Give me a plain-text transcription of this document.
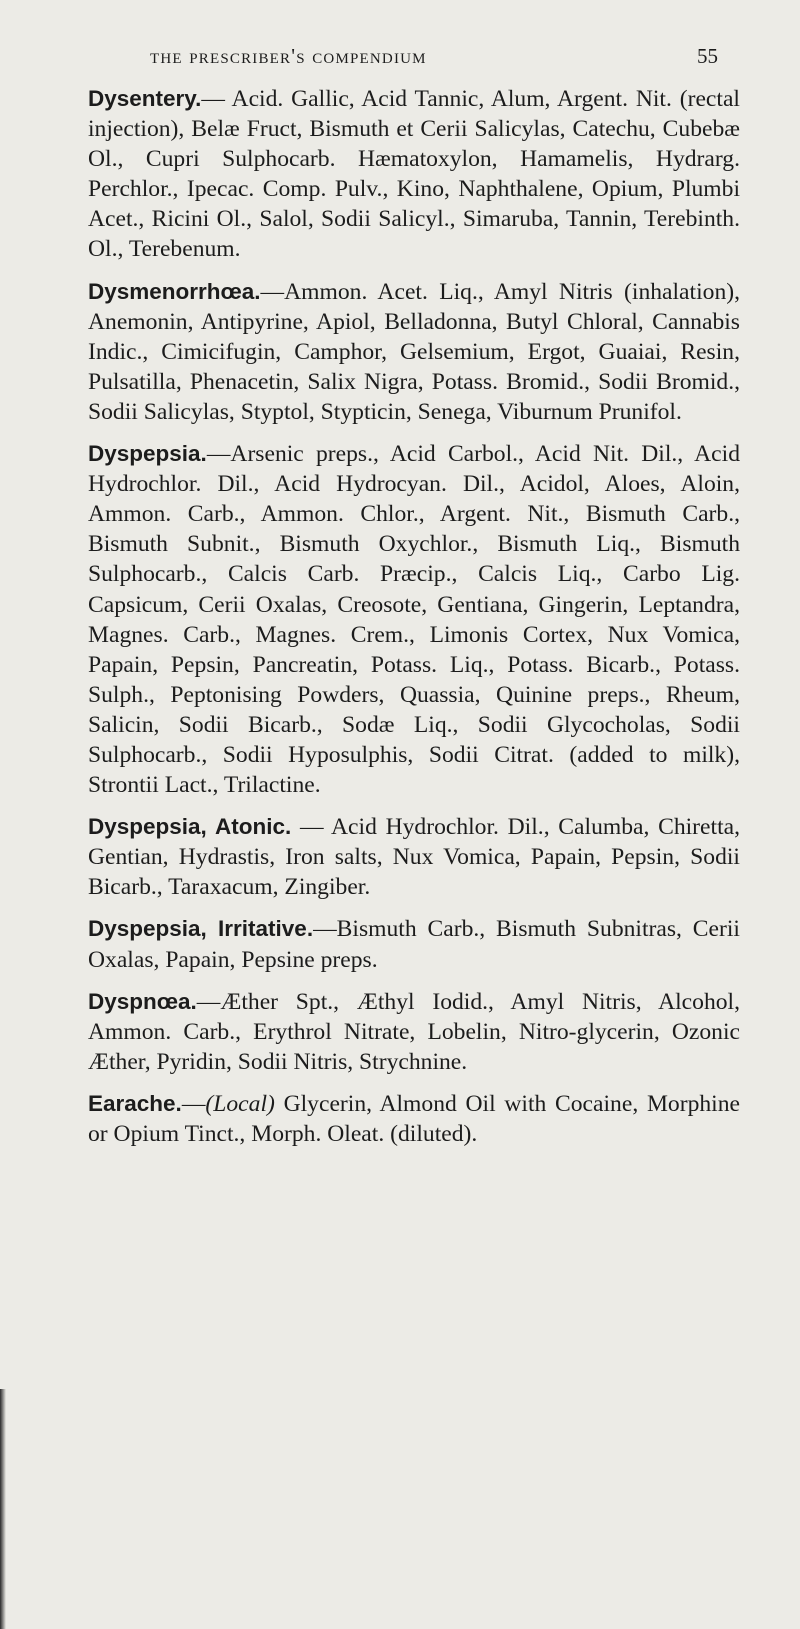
the prescriber's compendium	55

Dysentery.— Acid. Gallic, Acid Tannic, Alum, Argent. Nit. (rectal injection), Belæ Fruct, Bismuth et Cerii Salicylas, Catechu, Cubebæ Ol., Cupri Sulphocarb. Hæmatoxylon, Hamamelis, Hydrarg. Perchlor., Ipecac. Comp. Pulv., Kino, Naphthalene, Opium, Plumbi Acet., Ricini Ol., Salol, Sodii Salicyl., Simaruba, Tannin, Terebinth. Ol., Terebenum.

Dysmenorrhœa.—Ammon. Acet. Liq., Amyl Nitris (inhalation), Anemonin, Antipyrine, Apiol, Belladonna, Butyl Chloral, Cannabis Indic., Cimicifugin, Camphor, Gelsemium, Ergot, Guaiai, Resin, Pulsatilla, Phenacetin, Salix Nigra, Potass. Bromid., Sodii Bromid., Sodii Salicylas, Styptol, Stypticin, Senega, Viburnum Prunifol.

Dyspepsia.—Arsenic preps., Acid Carbol., Acid Nit. Dil., Acid Hydrochlor. Dil., Acid Hydrocyan. Dil., Acidol, Aloes, Aloin, Ammon. Carb., Ammon. Chlor., Argent. Nit., Bismuth Carb., Bismuth Subnit., Bismuth Oxychlor., Bismuth Liq., Bismuth Sulphocarb., Calcis Carb. Præcip., Calcis Liq., Carbo Lig. Capsicum, Cerii Oxalas, Creosote, Gentiana, Gingerin, Leptandra, Magnes. Carb., Magnes. Crem., Limonis Cortex, Nux Vomica, Papain, Pepsin, Pancreatin, Potass. Liq., Potass. Bicarb., Potass. Sulph., Peptonising Powders, Quassia, Quinine preps., Rheum, Salicin, Sodii Bicarb., Sodæ Liq., Sodii Glycocholas, Sodii Sulphocarb., Sodii Hyposulphis, Sodii Citrat. (added to milk), Strontii Lact., Trilactine.

Dyspepsia, Atonic. — Acid Hydrochlor. Dil., Calumba, Chiretta, Gentian, Hydrastis, Iron salts, Nux Vomica, Papain, Pepsin, Sodii Bicarb., Taraxacum, Zingiber.

Dyspepsia, Irritative.—Bismuth Carb., Bismuth Subnitras, Cerii Oxalas, Papain, Pepsine preps.

Dyspnœa.—Æther Spt., Æthyl Iodid., Amyl Nitris, Alcohol, Ammon. Carb., Erythrol Nitrate, Lobelin, Nitro-glycerin, Ozonic Æther, Pyridin, Sodii Nitris, Strychnine.

Earache.—(Local) Glycerin, Almond Oil with Cocaine, Morphine or Opium Tinct., Morph. Oleat. (diluted).
